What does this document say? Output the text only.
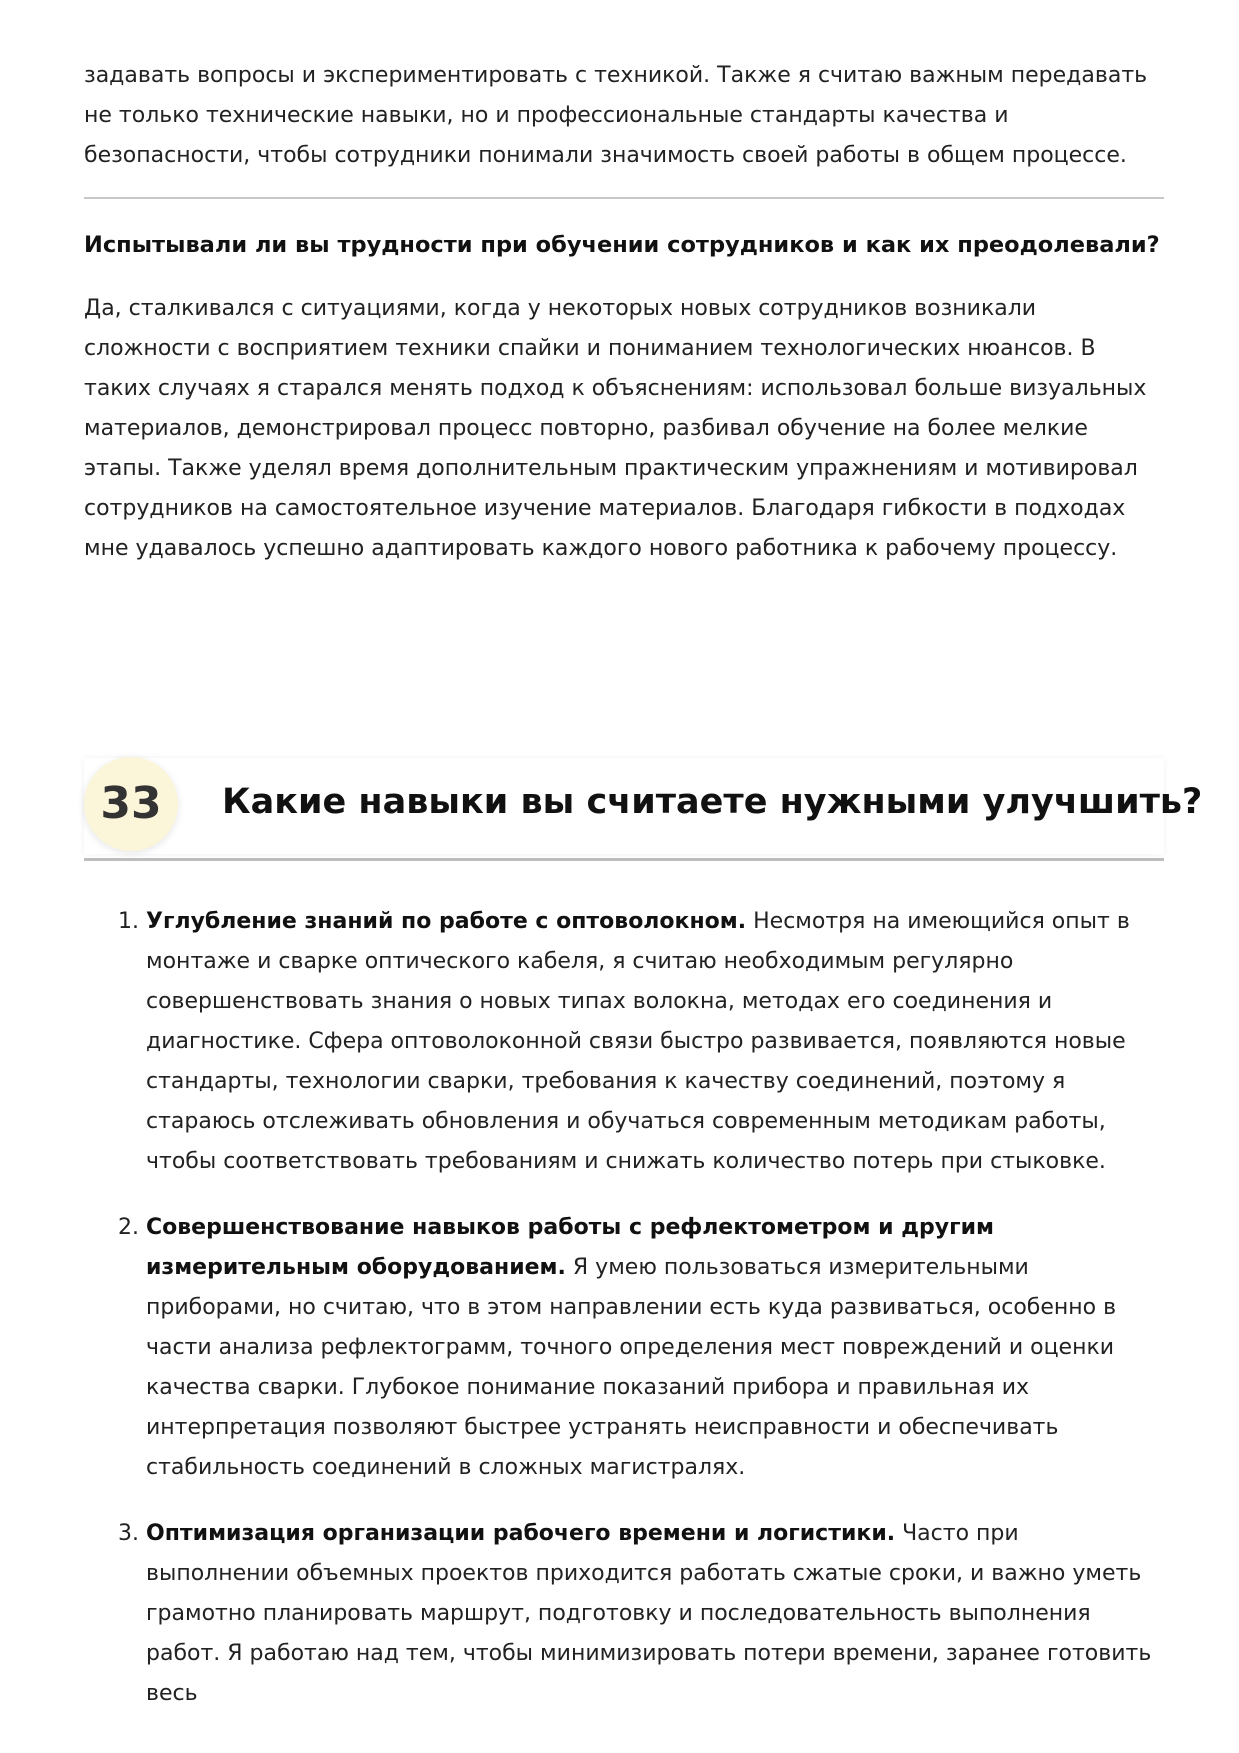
задавать вопросы и экспериментировать с техникой. Также я считаю важным передавать не только технические навыки, но и профессиональные стандарты качества и безопасности, чтобы сотрудники понимали значимость своей работы в общем процессе.

Испытывали ли вы трудности при обучении сотрудников и как их преодолевали?

Да, сталкивался с ситуациями, когда у некоторых новых сотрудников возникали сложности с восприятием техники спайки и пониманием технологических нюансов. В таких случаях я старался менять подход к объяснениям: использовал больше визуальных материалов, демонстрировал процесс повторно, разбивал обучение на более мелкие этапы. Также уделял время дополнительным практическим упражнениям и мотивировал сотрудников на самостоятельное изучение материалов. Благодаря гибкости в подходах мне удавалось успешно адаптировать каждого нового работника к рабочему процессу.

33	Какие навыки вы считаете нужными улучшить?
1. Углубление знаний по работе с оптоволокном. Несмотря на имеющийся опыт в монтаже и сварке оптического кабеля, я считаю необходимым регулярно совершенствовать знания о новых типах волокна, методах его соединения и диагностике. Сфера оптоволоконной связи быстро развивается, появляются новые стандарты, технологии сварки, требования к качеству соединений, поэтому я стараюсь отслеживать обновления и обучаться современным методикам работы, чтобы соответствовать требованиям и снижать количество потерь при стыковке.
2. Совершенствование навыков работы с рефлектометром и другим измерительным оборудованием. Я умею пользоваться измерительными приборами, но считаю, что в этом направлении есть куда развиваться, особенно в части анализа рефлектограмм, точного определения мест повреждений и оценки качества сварки. Глубокое понимание показаний прибора и правильная их интерпретация позволяют быстрее устранять неисправности и обеспечивать стабильность соединений в сложных магистралях.
3. Оптимизация организации рабочего времени и логистики. Часто при выполнении объемных проектов приходится работать сжатые сроки, и важно уметь грамотно планировать маршрут, подготовку и последовательность выполнения работ. Я работаю над тем, чтобы минимизировать потери времени, заранее готовить весь
